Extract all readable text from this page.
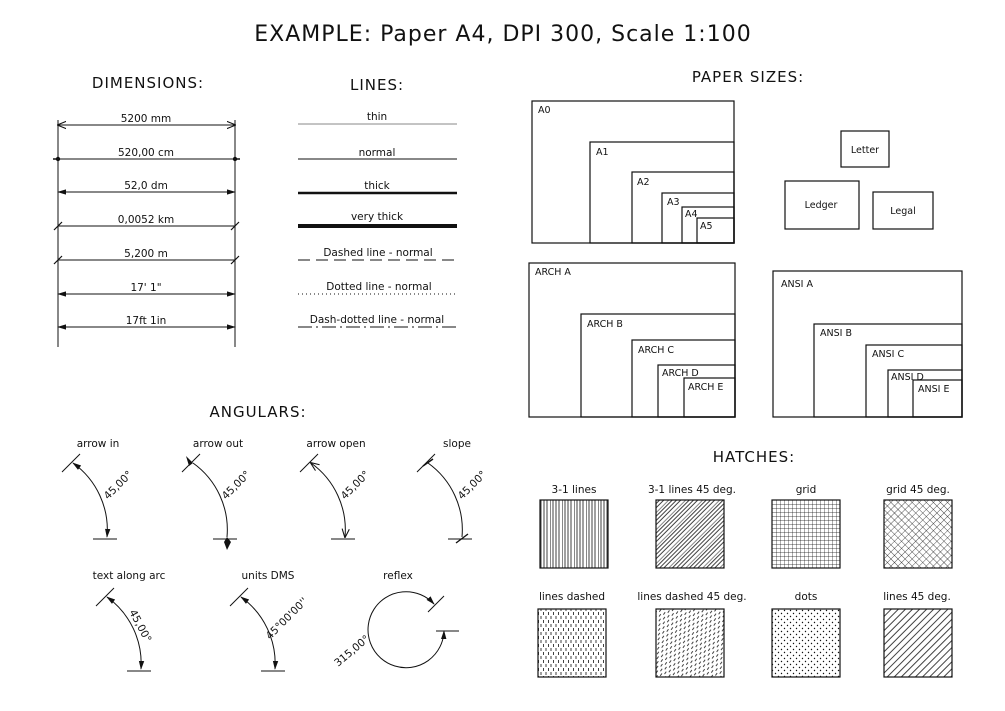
EXAMPLE: Paper A4, DPI 300, Scale 1:100
DIMENSIONS:
5200 mm
520,00 cm
52,0 dm
0,0052 km
5,200 m
17' 1"
17ft 1in
LINES:
thin
normal
thick
very thick
Dashed line - normal
Dotted line - normal
Dash-dotted line - normal
PAPER SIZES:
A0
A1
A2
A3
A4
A5
Letter
Ledger
Legal
ARCH A
ARCH B
ARCH C
ARCH D
ARCH E
ANSI A
ANSI B
ANSI C
ANSI D
ANSI E
ANGULARS:
arrow in
45,00°
arrow out
45,00°
arrow open
45,00°
slope
45,00°
text along arc
45,00°
units DMS
45°00'00''
reflex
315,00°
HATCHES:
3-1 lines	3-1 lines 45 deg.	grid	grid 45 deg.
lines dashed	lines dashed 45 deg.	dots	lines 45 deg.
